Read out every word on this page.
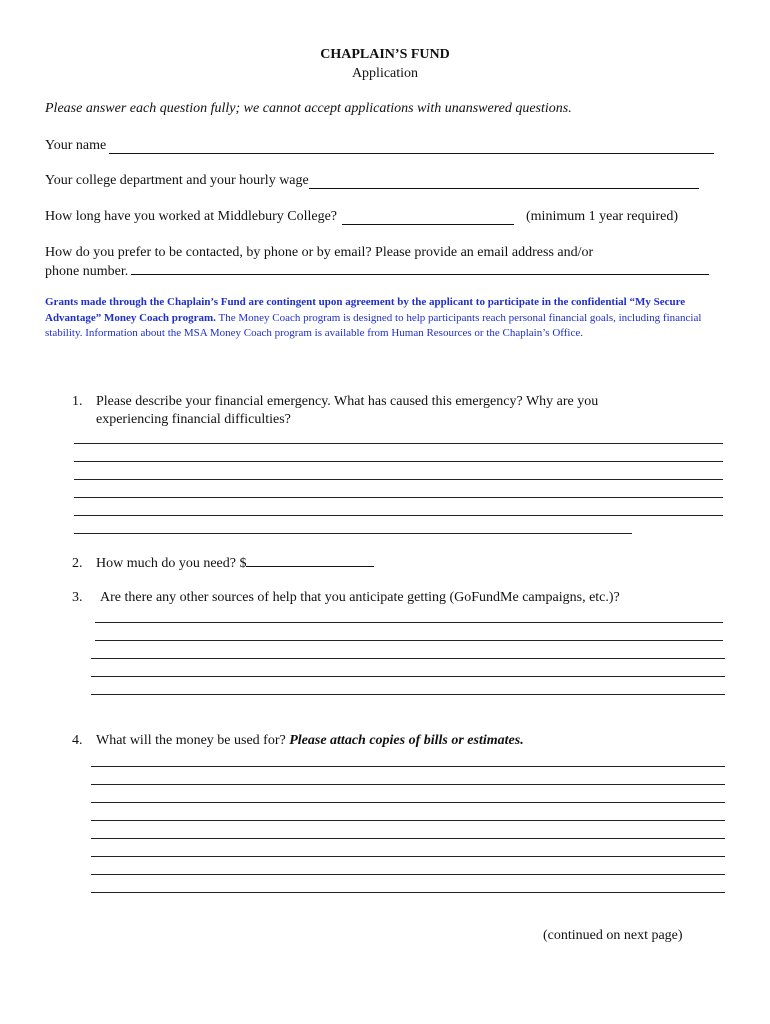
CHAPLAIN’S FUND
Application
Please answer each question fully; we cannot accept applications with unanswered questions.
Your name
Your college department and your hourly wage
How long have you worked at Middlebury College?	(minimum 1 year required)
How do you prefer to be contacted, by phone or by email? Please provide an email address and/or
phone number.
Grants made through the Chaplain’s Fund are contingent upon agreement by the applicant to participate in the confidential “My Secure Advantage” Money Coach program. The Money Coach program is designed to help participants reach personal financial goals, including financial stability. Information about the MSA Money Coach program is available from Human Resources or the Chaplain’s Office.
1. Please describe your financial emergency. What has caused this emergency? Why are you
experiencing financial difficulties?
2. How much do you need? $
3. Are there any other sources of help that you anticipate getting (GoFundMe campaigns, etc.)?
4. What will the money be used for? Please attach copies of bills or estimates.
(continued on next page)
